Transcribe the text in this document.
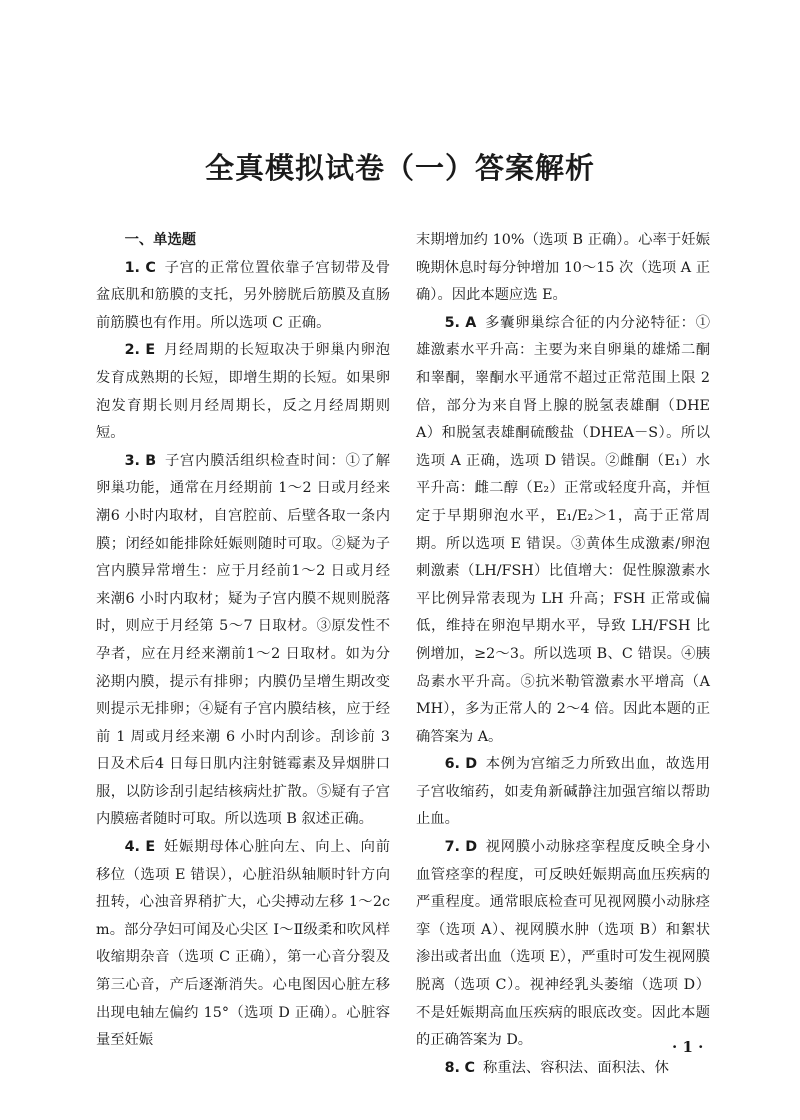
全真模拟试卷（一）答案解析
一、单选题

1. C 子宫的正常位置依靠子宫韧带及骨盆底肌和筋膜的支托，另外膀胱后筋膜及直肠前筋膜也有作用。所以选项 C 正确。

2. E 月经周期的长短取决于卵巢内卵泡发育成熟期的长短，即增生期的长短。如果卵泡发育期长则月经周期长，反之月经周期则短。

3. B 子宫内膜活组织检查时间：①了解卵巢功能，通常在月经期前 1～2 日或月经来潮6 小时内取材，自宫腔前、后壁各取一条内膜；闭经如能排除妊娠则随时可取。②疑为子宫内膜异常增生：应于月经前1～2 日或月经来潮6 小时内取材；疑为子宫内膜不规则脱落时，则应于月经第 5～7 日取材。③原发性不孕者，应在月经来潮前1～2 日取材。如为分泌期内膜，提示有排卵；内膜仍呈增生期改变则提示无排卵；④疑有子宫内膜结核，应于经前 1 周或月经来潮 6 小时内刮诊。刮诊前 3 日及术后4 日每日肌内注射链霉素及异烟肼口服，以防诊刮引起结核病灶扩散。⑤疑有子宫内膜癌者随时可取。所以选项 B 叙述正确。

4. E 妊娠期母体心脏向左、向上、向前移位（选项 E 错误），心脏沿纵轴顺时针方向扭转，心浊音界稍扩大，心尖搏动左移 1～2cm。部分孕妇可闻及心尖区 Ⅰ～Ⅱ级柔和吹风样收缩期杂音（选项 C 正确），第一心音分裂及第三心音，产后逐渐消失。心电图因心脏左移出现电轴左偏约 15°（选项 D 正确）。心脏容量至妊娠

末期增加约 10%（选项 B 正确）。心率于妊娠晚期休息时每分钟增加 10～15 次（选项 A 正确）。因此本题应选 E。

5. A 多囊卵巢综合征的内分泌特征：①雄激素水平升高：主要为来自卵巢的雄烯二酮和睾酮，睾酮水平通常不超过正常范围上限 2 倍，部分为来自肾上腺的脱氢表雄酮（DHEA）和脱氢表雄酮硫酸盐（DHEA－S）。所以选项 A 正确，选项 D 错误。②雌酮（E₁）水平升高：雌二醇（E₂）正常或轻度升高，并恒定于早期卵泡水平，E₁/E₂＞1，高于正常周期。所以选项 E 错误。③黄体生成激素/卵泡刺激素（LH/FSH）比值增大：促性腺激素水平比例异常表现为 LH 升高；FSH 正常或偏低，维持在卵泡早期水平，导致 LH/FSH 比例增加，≥2～3。所以选项 B、C 错误。④胰岛素水平升高。⑤抗米勒管激素水平增高（AMH），多为正常人的 2～4 倍。因此本题的正确答案为 A。

6. D 本例为宫缩乏力所致出血，故选用子宫收缩药，如麦角新碱静注加强宫缩以帮助止血。

7. D 视网膜小动脉痉挛程度反映全身小血管痉挛的程度，可反映妊娠期高血压疾病的严重程度。通常眼底检查可见视网膜小动脉痉挛（选项 A）、视网膜水肿（选项 B）和絮状渗出或者出血（选项 E），严重时可发生视网膜脱离（选项 C）。视神经乳头萎缩（选项 D）不是妊娠期高血压疾病的眼底改变。因此本题的正确答案为 D。

8. C 称重法、容积法、面积法、休

· 1 ·
